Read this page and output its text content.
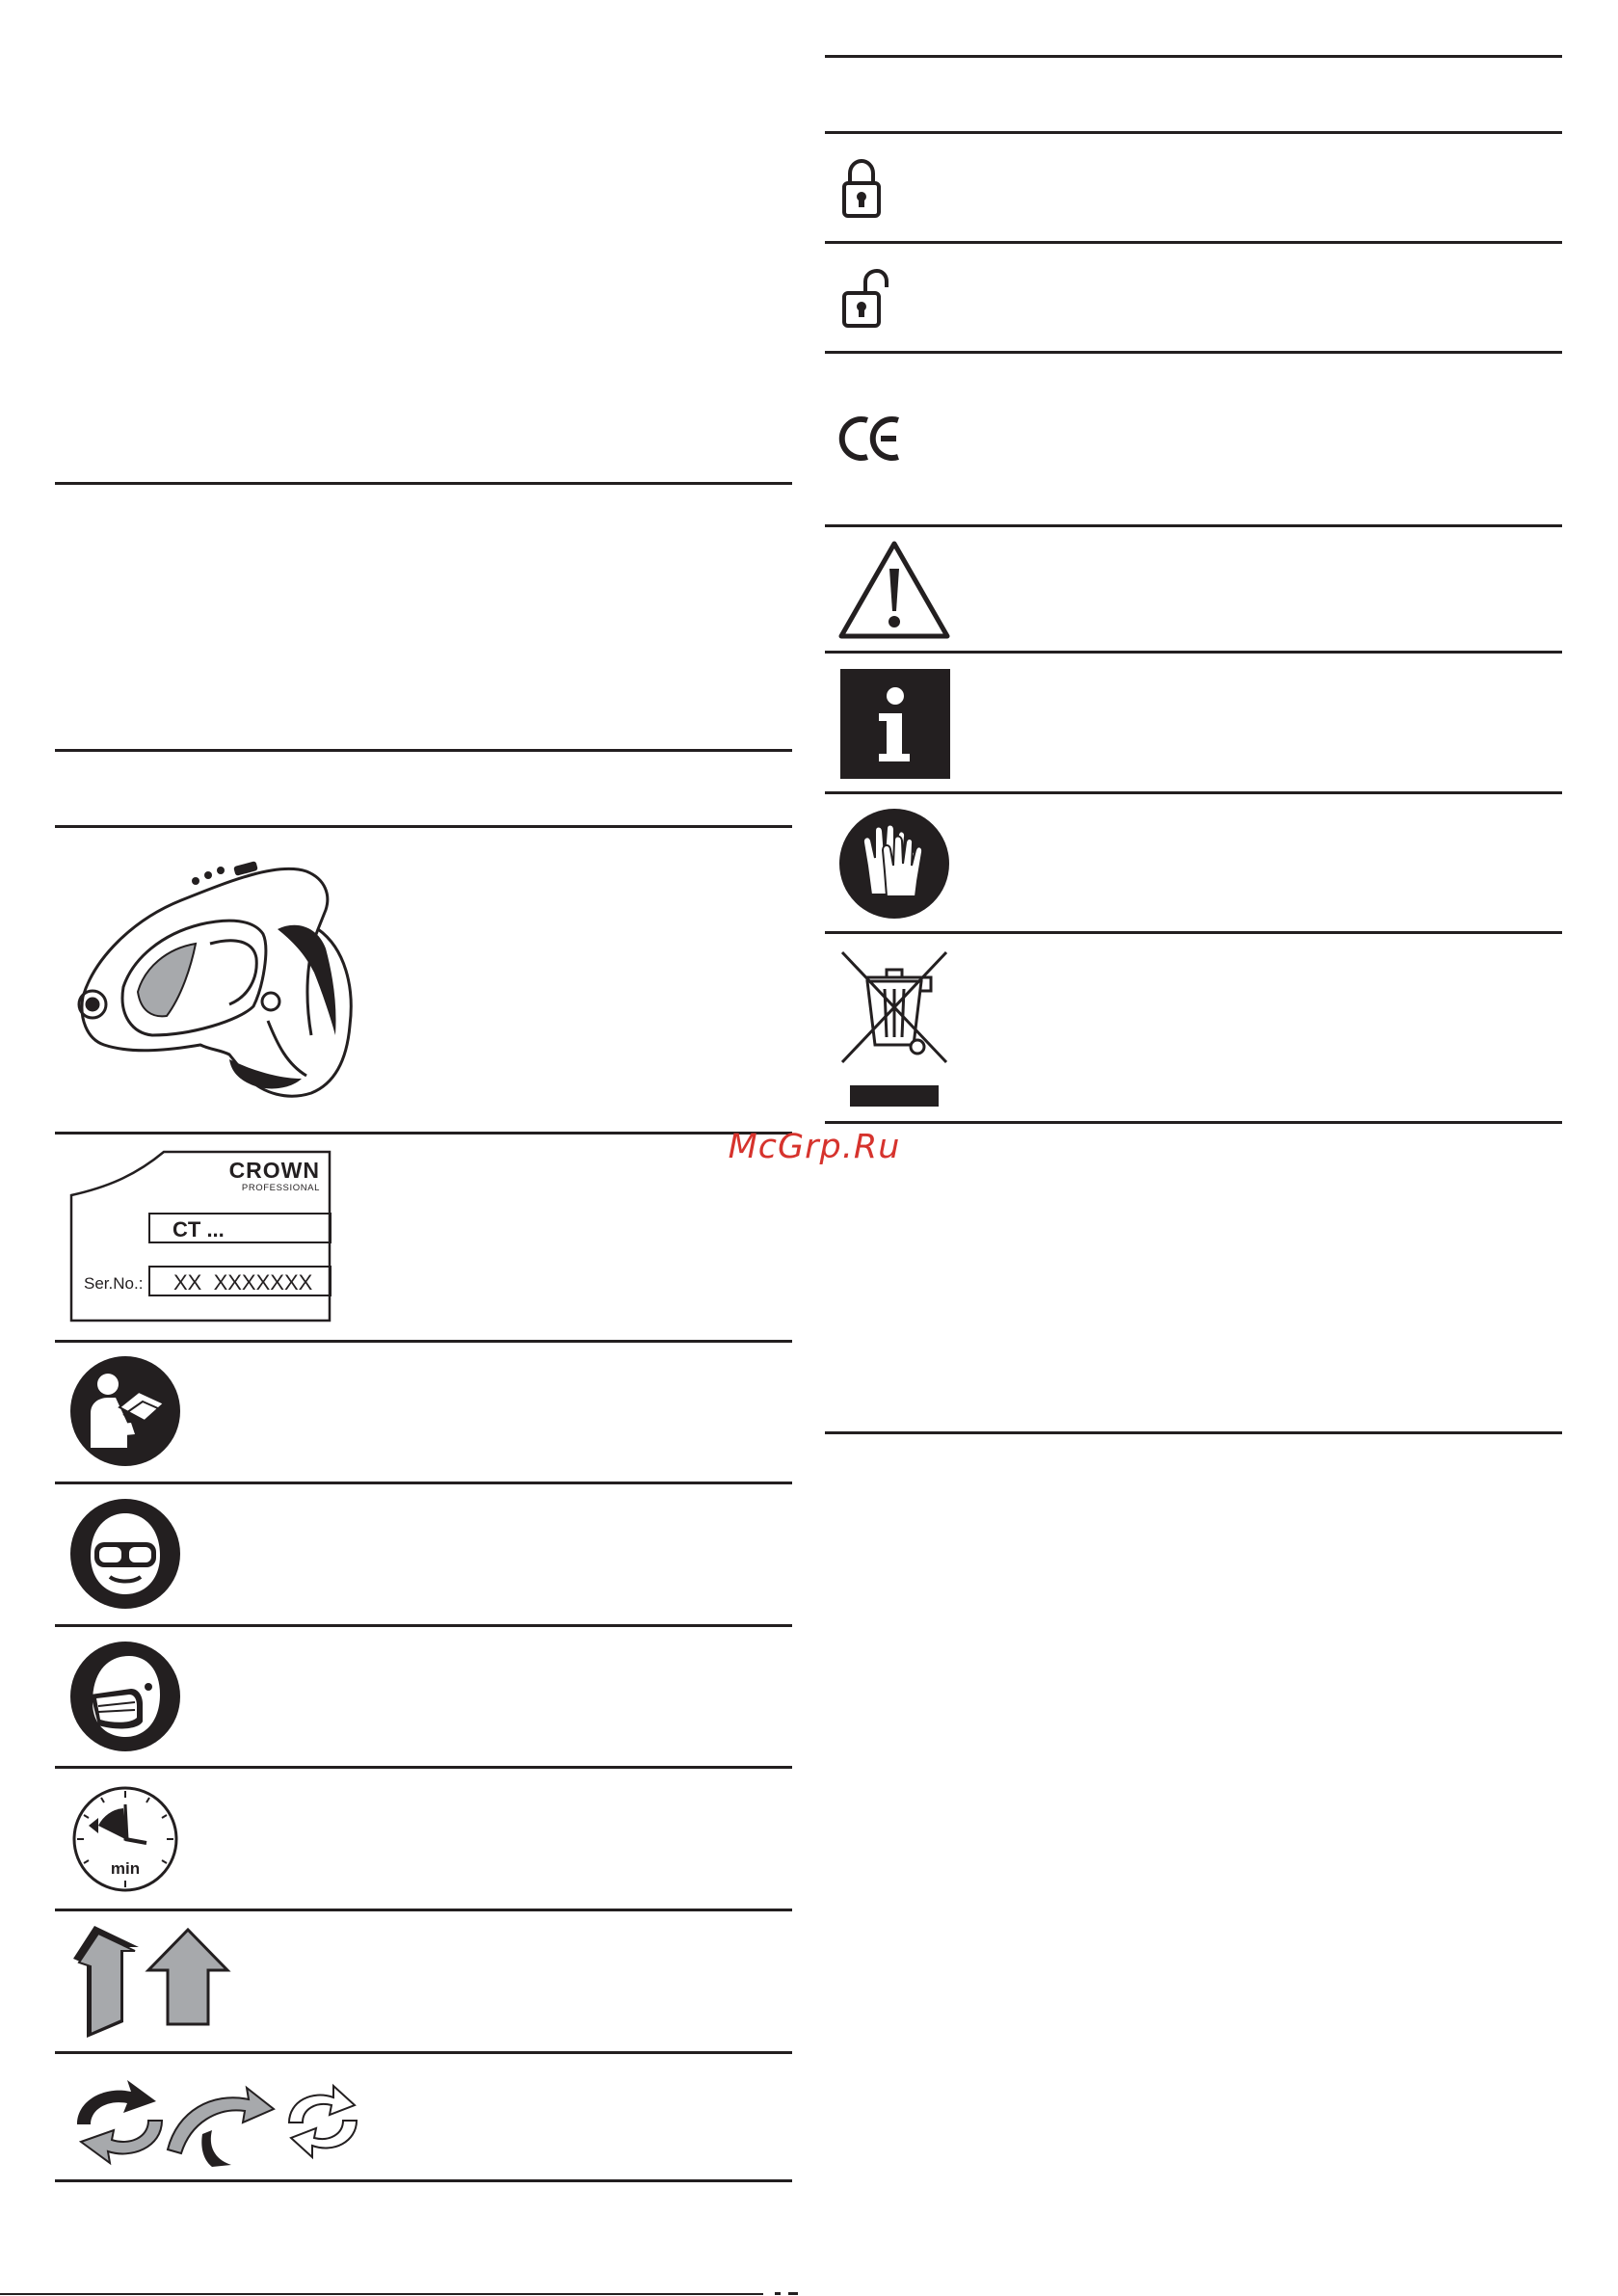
CROWN
PROFESSIONAL
CT ...
Ser.No.: XX  XXXXXXX
min
McGrp.Ru
